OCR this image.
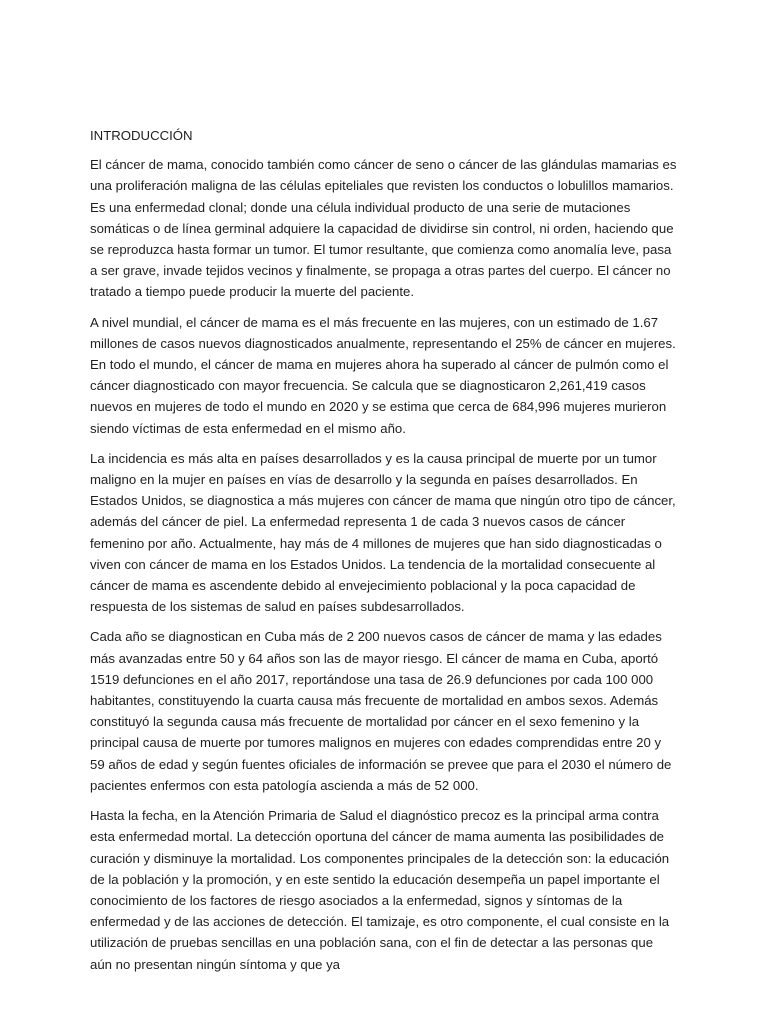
INTRODUCCIÓN

El cáncer de mama, conocido también como cáncer de seno o cáncer de las glándulas mamarias es una proliferación maligna de las células epiteliales que revisten los conductos o lobulillos mamarios. Es una enfermedad clonal; donde una célula individual producto de una serie de mutaciones somáticas o de línea germinal adquiere la capacidad de dividirse sin control, ni orden, haciendo que se reproduzca hasta formar un tumor. El tumor resultante, que comienza como anomalía leve, pasa a ser grave, invade tejidos vecinos y finalmente, se propaga a otras partes del cuerpo. El cáncer no tratado a tiempo puede producir la muerte del paciente.

A nivel mundial, el cáncer de mama es el más frecuente en las mujeres, con un estimado de 1.67 millones de casos nuevos diagnosticados anualmente, representando el 25% de cáncer en mujeres. En todo el mundo, el cáncer de mama en mujeres ahora ha superado al cáncer de pulmón como el cáncer diagnosticado con mayor frecuencia. Se calcula que se diagnosticaron 2,261,419 casos nuevos en mujeres de todo el mundo en 2020 y se estima que cerca de 684,996 mujeres murieron siendo víctimas de esta enfermedad en el mismo año.

La incidencia es más alta en países desarrollados y es la causa principal de muerte por un tumor maligno en la mujer en países en vías de desarrollo y la segunda en países desarrollados. En Estados Unidos, se diagnostica a más mujeres con cáncer de mama que ningún otro tipo de cáncer, además del cáncer de piel. La enfermedad representa 1 de cada 3 nuevos casos de cáncer femenino por año. Actualmente, hay más de 4 millones de mujeres que han sido diagnosticadas o viven con cáncer de mama en los Estados Unidos. La tendencia de la mortalidad consecuente al cáncer de mama es ascendente debido al envejecimiento poblacional y la poca capacidad de respuesta de los sistemas de salud en países subdesarrollados.

Cada año se diagnostican en Cuba más de 2 200 nuevos casos de cáncer de mama y las edades más avanzadas entre 50 y 64 años son las de mayor riesgo. El cáncer de mama en Cuba, aportó 1519 defunciones en el año 2017, reportándose una tasa de 26.9 defunciones por cada 100 000 habitantes, constituyendo la cuarta causa más frecuente de mortalidad en ambos sexos. Además constituyó la segunda causa más frecuente de mortalidad por cáncer en el sexo femenino y la principal causa de muerte por tumores malignos en mujeres con edades comprendidas entre 20 y 59 años de edad y según fuentes oficiales de información se prevee que para el 2030 el número de pacientes enfermos con esta patología ascienda a más de 52 000.

Hasta la fecha, en la Atención Primaria de Salud el diagnóstico precoz es la principal arma contra esta enfermedad mortal. La detección oportuna del cáncer de mama aumenta las posibilidades de curación y disminuye la mortalidad. Los componentes principales de la detección son: la educación de la población y la promoción, y en este sentido la educación desempeña un papel importante el conocimiento de los factores de riesgo asociados a la enfermedad, signos y síntomas de la enfermedad y de las acciones de detección. El tamizaje, es otro componente, el cual consiste en la utilización de pruebas sencillas en una población sana, con el fin de detectar a las personas que aún no presentan ningún síntoma y que ya
